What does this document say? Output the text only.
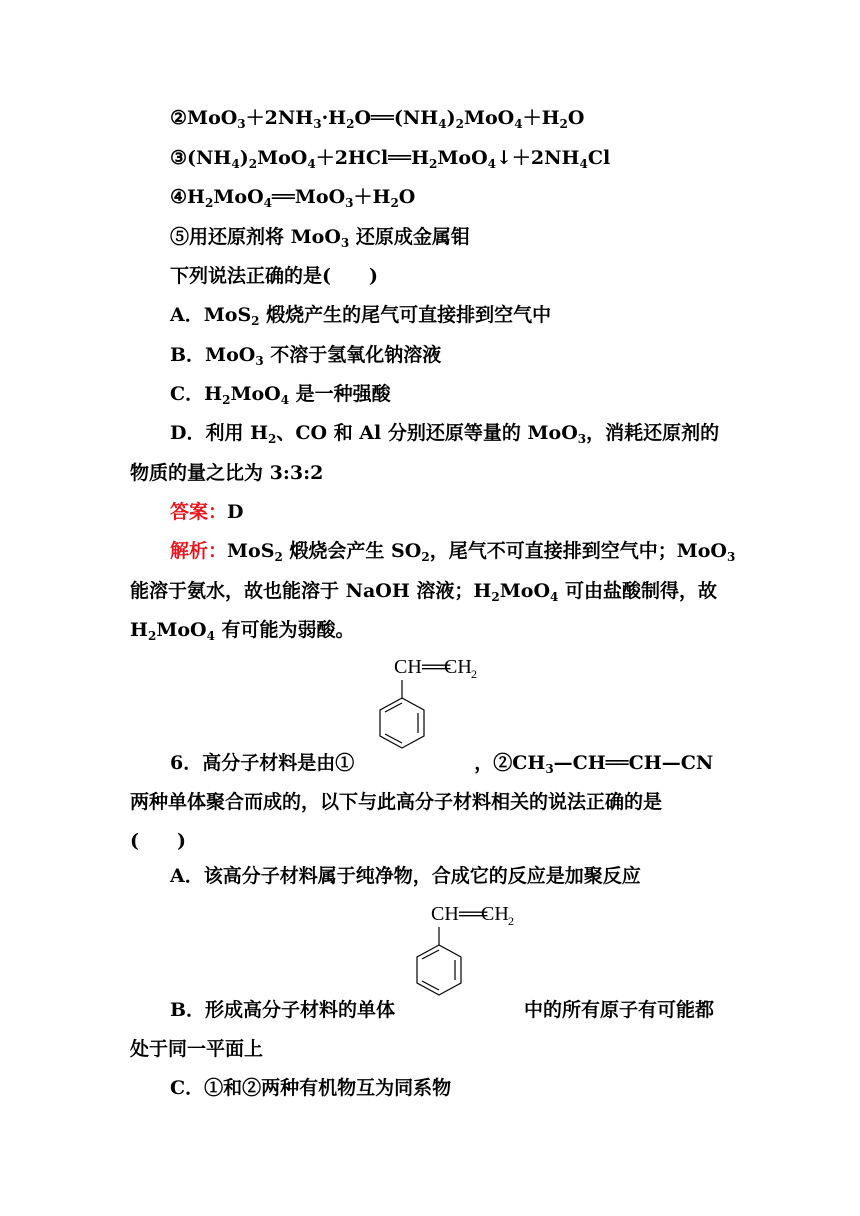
$②MoO_3+2NH_3\cdot H_2O══(NH_4)_2MoO_4+H_2O$
$③(NH_4)_2MoO_4+2HCl══H_2MoO_4↓+2NH_4Cl$
$④H_2MoO_4══MoO_3+H_2O$
⑤用还原剂将 MoO$_3$ 还原成金属钼
下列说法正确的是(　　)
A．MoS$_2$ 煅烧产生的尾气可直接排到空气中
B．MoO$_3$ 不溶于氢氧化钠溶液
C．$H_2MoO_4$ 是一种强酸
D．利用 $H_2$、CO 和 Al 分别还原等量的 MoO$_3$，消耗还原剂的
物质的量之比为 3:3:2
答案：D
解析：MoS$_2$ 煅烧会产生 $SO_2$，尾气不可直接排到空气中；MoO$_3$
能溶于氨水，故也能溶于 NaOH 溶液；$H_2MoO_4$ 可由盐酸制得，故
$H_2MoO_4$ 有可能为弱酸。
CH ══
CH 2
6．高分子材料是由①	，$②CH_3—CH══CH—CN$
两种单体聚合而成的，以下与此高分子材料相关的说法正确的是
(　　)
A．该高分子材料属于纯净物，合成它的反应是加聚反应
CH ══
CH 2
B．形成高分子材料的单体	中的所有原子有可能都
处于同一平面上
C．①和②两种有机物互为同系物
